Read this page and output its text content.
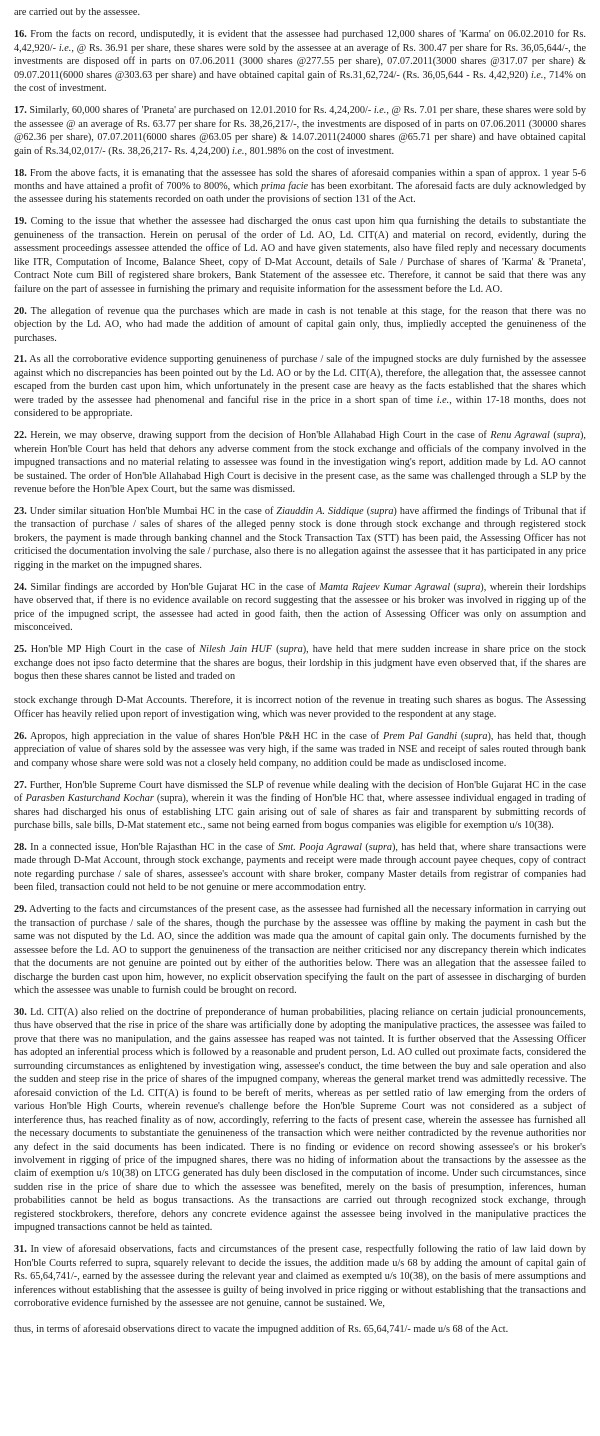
are carried out by the assessee.

16. From the facts on record, undisputedly, it is evident that the assessee had purchased 12,000 shares of 'Karma' on 06.02.2010 for Rs. 4,42,920/- i.e., @ Rs. 36.91 per share, these shares were sold by the assessee at an average of Rs. 300.47 per share for Rs. 36,05,644/-, the investments are disposed off in parts on 07.06.2011 (3000 shares @277.55 per share), 07.07.2011(3000 shares @317.07 per share) & 09.07.2011(6000 shares @303.63 per share) and have obtained capital gain of Rs.31,62,724/- (Rs. 36,05,644 - Rs. 4,42,920) i.e., 714% on the cost of investment.

17. Similarly, 60,000 shares of 'Praneta' are purchased on 12.01.2010 for Rs. 4,24,200/- i.e., @ Rs. 7.01 per share, these shares were sold by the assessee @ an average of Rs. 63.77 per share for Rs. 38,26,217/-, the investments are disposed of in parts on 07.06.2011 (30000 shares @62.36 per share), 07.07.2011(6000 shares @63.05 per share) & 14.07.2011(24000 shares @65.71 per share) and have obtained capital gain of Rs.34,02,017/- (Rs. 38,26,217- Rs. 4,24,200) i.e., 801.98% on the cost of investment.

18. From the above facts, it is emanating that the assessee has sold the shares of aforesaid companies within a span of approx. 1 year 5-6 months and have attained a profit of 700% to 800%, which prima facie has been exorbitant. The aforesaid facts are duly acknowledged by the assessee during his statements recorded on oath under the provisions of section 131 of the Act.

19. Coming to the issue that whether the assessee had discharged the onus cast upon him qua furnishing the details to substantiate the genuineness of the transaction. Herein on perusal of the order of Ld. AO, Ld. CIT(A) and material on record, evidently, during the assessment proceedings assessee attended the office of Ld. AO and have given statements, also have filed reply and necessary documents like ITR, Computation of Income, Balance Sheet, copy of D-Mat Account, details of Sale / Purchase of shares of 'Karma' & 'Praneta', Contract Note cum Bill of registered share brokers, Bank Statement of the assessee etc. Therefore, it cannot be said that there was any failure on the part of assessee in furnishing the primary and requisite information for the assessment before the Ld. AO.

20. The allegation of revenue qua the purchases which are made in cash is not tenable at this stage, for the reason that there was no objection by the Ld. AO, who had made the addition of amount of capital gain only, thus, impliedly accepted the genuineness of the purchases.

21. As all the corroborative evidence supporting genuineness of purchase / sale of the impugned stocks are duly furnished by the assessee against which no discrepancies has been pointed out by the Ld. AO or by the Ld. CIT(A), therefore, the allegation that, the assessee cannot escaped from the burden cast upon him, which unfortunately in the present case are heavy as the facts established that the shares which were traded by the assessee had phenomenal and fanciful rise in the price in a short span of time i.e., within 17-18 months, does not considered to be appropriate.

22. Herein, we may observe, drawing support from the decision of Hon'ble Allahabad High Court in the case of Renu Agrawal (supra), wherein Hon'ble Court has held that dehors any adverse comment from the stock exchange and officials of the company involved in the impugned transactions and no material relating to assessee was found in the investigation wing's report, addition made by Ld. AO cannot be sustained. The order of Hon'ble Allahabad High Court is decisive in the present case, as the same was challenged through a SLP by the revenue before the Hon'ble Apex Court, but the same was dismissed.

23. Under similar situation Hon'ble Mumbai HC in the case of Ziauddin A. Siddique (supra) have affirmed the findings of Tribunal that if the transaction of purchase / sales of shares of the alleged penny stock is done through stock exchange and through registered stock brokers, the payment is made through banking channel and the Stock Transaction Tax (STT) has been paid, the Assessing Officer has not criticised the documentation involving the sale / purchase, also there is no allegation against the assessee that it has participated in any price rigging in the market on the impugned shares.

24. Similar findings are accorded by Hon'ble Gujarat HC in the case of Mamta Rajeev Kumar Agrawal (supra), wherein their lordships have observed that, if there is no evidence available on record suggesting that the assessee or his broker was involved in rigging up of the price of the impugned script, the assessee had acted in good faith, then the action of Assessing Officer was only on assumption and misconceived.

25. Hon'ble MP High Court in the case of Nilesh Jain HUF (supra), have held that mere sudden increase in share price on the stock exchange does not ipso facto determine that the shares are bogus, their lordship in this judgment have even observed that, if the shares are bogus then these shares cannot be listed and traded on

stock exchange through D-Mat Accounts. Therefore, it is incorrect notion of the revenue in treating such shares as bogus. The Assessing Officer has heavily relied upon report of investigation wing, which was never provided to the respondent at any stage.

26. Apropos, high appreciation in the value of shares Hon'ble P&H HC in the case of Prem Pal Gandhi (supra), has held that, though appreciation of value of shares sold by the assessee was very high, if the same was traded in NSE and receipt of sales routed through bank and company whose share were sold was not a closely held company, no addition could be made as undisclosed income.

27. Further, Hon'ble Supreme Court have dismissed the SLP of revenue while dealing with the decision of Hon'ble Gujarat HC in the case of Parasben Kasturchand Kochar (supra), wherein it was the finding of Hon'ble HC that, where assessee individual engaged in trading of shares had discharged his onus of establishing LTC gain arising out of sale of shares as fair and transparent by submitting records of purchase bills, sale bills, D-Mat statement etc., same not being earned from bogus companies was eligible for exemption u/s 10(38).

28. In a connected issue, Hon'ble Rajasthan HC in the case of Smt. Pooja Agrawal (supra), has held that, where share transactions were made through D-Mat Account, through stock exchange, payments and receipt were made through account payee cheques, copy of contract note regarding purchase / sale of shares, assessee's account with share broker, company Master details from registrar of companies had been filed, transaction could not held to be not genuine or mere accommodation entry.

29. Adverting to the facts and circumstances of the present case, as the assessee had furnished all the necessary information in carrying out the transaction of purchase / sale of the shares, though the purchase by the assessee was offline by making the payment in cash but the same was not disputed by the Ld. AO, since the addition was made qua the amount of capital gain only. The documents furnished by the assessee before the Ld. AO to support the genuineness of the transaction are neither criticised nor any discrepancy therein which indicates that the documents are not genuine are pointed out by either of the authorities below. There was an allegation that the assessee failed to discharge the burden cast upon him, however, no explicit observation specifying the fault on the part of assessee in discharging of burden which the assessee was unable to furnish could be brought on record.

30. Ld. CIT(A) also relied on the doctrine of preponderance of human probabilities, placing reliance on certain judicial pronouncements, thus have observed that the rise in price of the share was artificially done by adopting the manipulative practices, the assessee was failed to prove that there was no manipulation, and the gains assessee has reaped was not tainted. It is further observed that the Assessing Officer has adopted an inferential process which is followed by a reasonable and prudent person, Ld. AO culled out proximate facts, considered the surrounding circumstances as enlightened by investigation wing, assessee's conduct, the time between the buy and sale operation and also the sudden and steep rise in the price of shares of the impugned company, whereas the general market trend was admittedly recessive. The aforesaid conviction of the Ld. CIT(A) is found to be bereft of merits, whereas as per settled ratio of law emerging from the orders of various Hon'ble High Courts, wherein revenue's challenge before the Hon'ble Supreme Court was not considered as a subject of interference thus, has reached finality as of now, accordingly, referring to the facts of present case, wherein the assessee has furnished all the necessary documents to substantiate the genuineness of the transaction which were neither contradicted by the revenue authorities nor any defect in the said documents has been indicated. There is no finding or evidence on record showing assessee's or his broker's involvement in rigging of price of the impugned shares, there was no hiding of information about the transactions by the assessee as the claim of exemption u/s 10(38) on LTCG generated has duly been disclosed in the computation of income. Under such circumstances, since sudden rise in the price of share due to which the assessee was benefited, merely on the basis of presumption, inferences, human probabilities cannot be held as bogus transactions. As the transactions are carried out through recognized stock exchange, through registered stockbrokers, therefore, dehors any concrete evidence against the assessee being involved in the manipulative practices the impugned transactions cannot be held as tainted.

31. In view of aforesaid observations, facts and circumstances of the present case, respectfully following the ratio of law laid down by Hon'ble Courts referred to supra, squarely relevant to decide the issues, the addition made u/s 68 by adding the amount of capital gain of Rs. 65,64,741/-, earned by the assessee during the relevant year and claimed as exempted u/s 10(38), on the basis of mere assumptions and inferences without establishing that the assessee is guilty of being involved in price rigging or without establishing that the transactions and corroborative evidence furnished by the assessee are not genuine, cannot be sustained. We,

thus, in terms of aforesaid observations direct to vacate the impugned addition of Rs. 65,64,741/- made u/s 68 of the Act.
